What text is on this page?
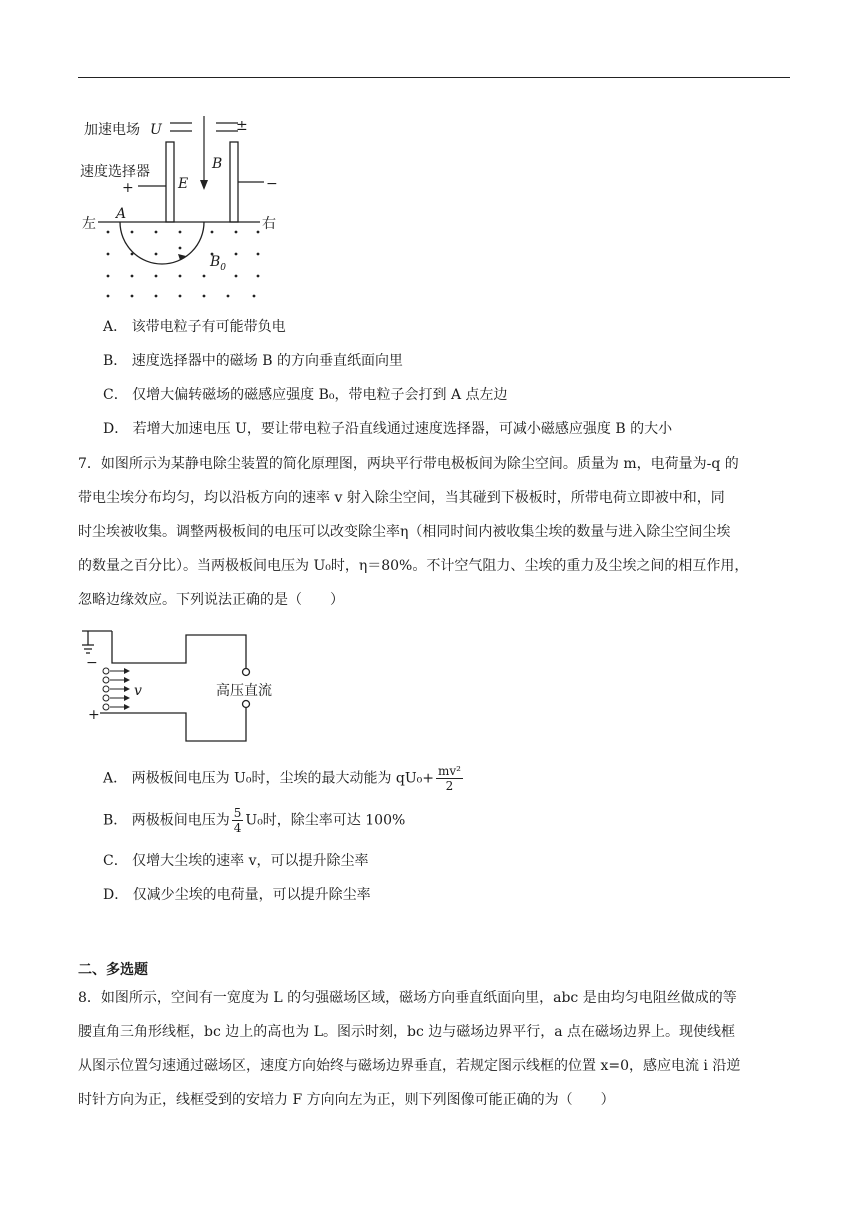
加速电场 U	±
速度选择器
+	−
E
B
左	右
A
$B_0$
A． 该带电粒子有可能带负电
B． 速度选择器中的磁场 B 的方向垂直纸面向里
C． 仅增大偏转磁场的磁感应强度 B₀，带电粒子会打到 A 点左边
D． 若增大加速电压 U，要让带电粒子沿直线通过速度选择器，可减小磁感应强度 B 的大小
7．如图所示为某静电除尘装置的简化原理图，两块平行带电极板间为除尘空间。质量为 m，电荷量为-q 的
带电尘埃分布均匀，均以沿板方向的速率 v 射入除尘空间，当其碰到下极板时，所带电荷立即被中和，同
时尘埃被收集。调整两极板间的电压可以改变除尘率η（相同时间内被收集尘埃的数量与进入除尘空间尘埃
的数量之百分比）。当两极板间电压为 U₀时，η＝80%。不计空气阻力、尘埃的重力及尘埃之间的相互作用，
忽略边缘效应。下列说法正确的是（　　）
−
+
v	高压直流
A． 两极板间电压为 U₀时，尘埃的最大动能为 $qU_0+ \frac{\text{mv²}}{2}$
B． 两极板间电压为 $\frac{5}{4} U_0$时，除尘率可达 100%
C． 仅增大尘埃的速率 v，可以提升除尘率
D． 仅减少尘埃的电荷量，可以提升除尘率
二、多选题
8．如图所示，空间有一宽度为 L 的匀强磁场区域，磁场方向垂直纸面向里，abc 是由均匀电阻丝做成的等
腰直角三角形线框，bc 边上的高也为 L。图示时刻，bc 边与磁场边界平行，a 点在磁场边界上。现使线框
从图示位置匀速通过磁场区，速度方向始终与磁场边界垂直，若规定图示线框的位置 x=0，感应电流 i 沿逆
时针方向为正，线框受到的安培力 F 方向向左为正，则下列图像可能正确的为（　　）
